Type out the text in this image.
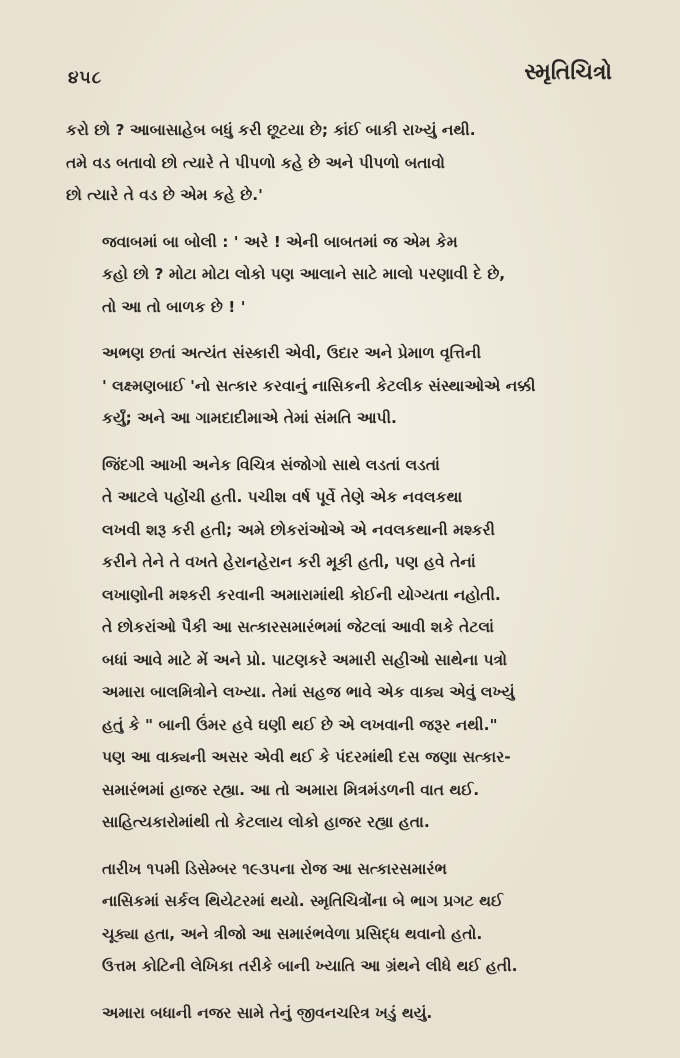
૪૫૮	સ્મૃતિચિત્રો

કરો છો ? આબાસાહેબ બધું કરી છૂટયા છે; કાંઈ બાકી રાખ્યું નથી.
તમે વડ બતાવો છો ત્યારે તે પીપળો કહે છે અને પીપળો બતાવો
છો ત્યારે તે વડ છે એમ કહે છે.'

જવાબમાં બા બોલી : ' અરે ! એની બાબતમાં જ એમ કેમ
કહો છો ? મોટા મોટા લોકો પણ આલાને સાટે માલો પરણાવી દે છે,
તો આ તો બાળક છે ! '

અભણ છતાં અત્યંત સંસ્કારી એવી, ઉદાર અને પ્રેમાળ વૃત્તિની
' લક્ષ્મણબાઈ 'નો સત્કાર કરવાનું નાસિકની કેટલીક સંસ્થાઓએ નક્કી
કર્યું; અને આ ગામદાદીમાએ તેમાં સંમતિ આપી.

જિંદગી આખી અનેક વિચિત્ર સંજોગો સાથે લડતાં લડતાં
તે આટલે પહોંચી હતી. પચીશ વર્ષ પૂર્વે તેણે એક નવલકથા
લખવી શરૂ કરી હતી; અમે છોકરાંઓએ એ નવલકથાની મશ્કરી
કરીને તેને તે વખતે હેરાનહેરાન કરી મૂકી હતી, પણ હવે તેનાં
લખાણોની મશ્કરી કરવાની અમારામાંથી કોઈની યોગ્યતા નહોતી.
તે છોકરાંઓ પૈકી આ સત્કારસમારંભમાં જેટલાં આવી શકે તેટલાં
બધાં આવે માટે મેં અને પ્રો. પાટણકરે અમારી સહીઓ સાથેના પત્રો
અમારા બાલમિત્રોને લખ્યા. તેમાં સહજ ભાવે એક વાક્ય એવું લખ્યું
હતું કે " બાની ઉંમર હવે ઘણી થઈ છે એ લખવાની જરૂર નથી."
પણ આ વાક્યની અસર એવી થઈ કે પંદરમાંથી દસ જણા સત્કાર-
સમારંભમાં હાજર રહ્યા. આ તો અમારા મિત્રમંડળની વાત થઈ.
સાહિત્યકારોમાંથી તો કેટલાય લોકો હાજર રહ્યા હતા.

તારીખ ૧૫મી ડિસેમ્બર ૧૯૩૫ના રોજ આ સત્કારસમારંભ
નાસિકમાં સર્કલ થિયેટરમાં થયો. સ્મૃતિચિત્રોંના બે ભાગ પ્રગટ થઈ
ચૂક્યા હતા, અને ત્રીજો આ સમારંભવેળા પ્રસિદ્ધ થવાનો હતો.
ઉત્તમ કોટિની લેખિકા તરીકે બાની ખ્યાતિ આ ગ્રંથને લીધે થઈ હતી.

અમારા બધાની નજર સામે તેનું જીવનચરિત્ર ખડું થયું.
